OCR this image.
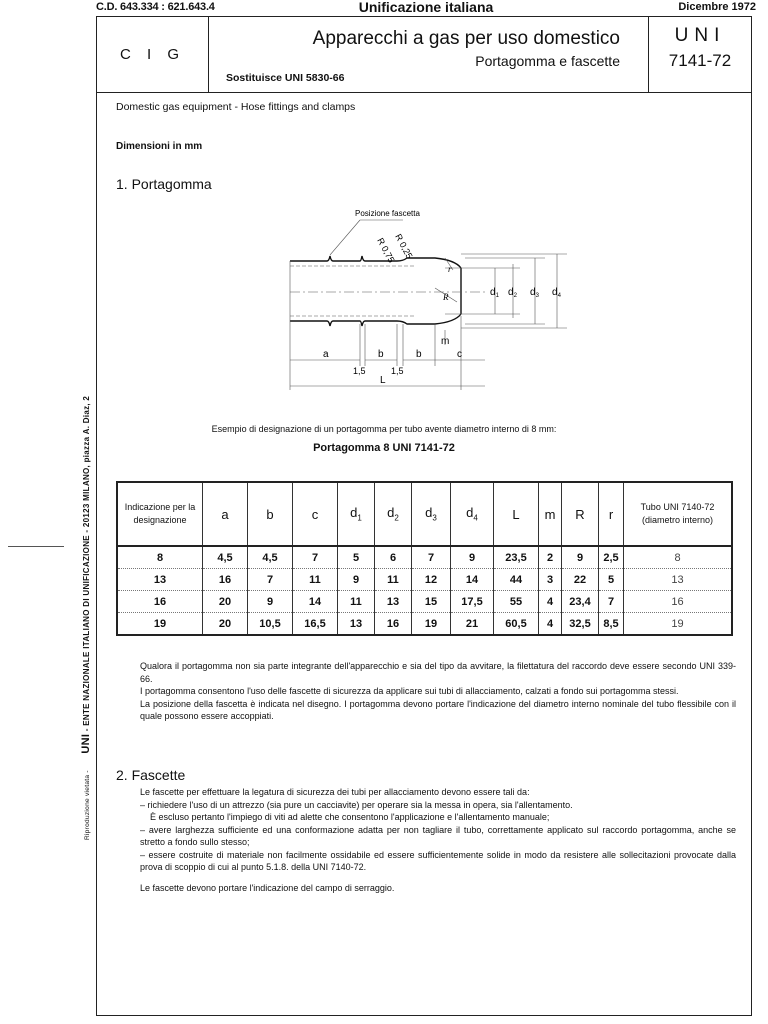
C.D. 643.334 : 621.643.4	Unificazione italiana	Dicembre 1972
Riproduzione vietata - UNI - ENTE NAZIONALE ITALIANO DI UNIFICAZIONE - 20123 MILANO, piazza A. Diaz, 2
C I G
Apparecchi a gas per uso domestico
Portagomma e fascette
Sostituisce UNI 5830-66
UNI
7141-72
Domestic gas equipment - Hose fittings and clamps
Dimensioni in mm
1. Portagomma
Posizione fascetta
R 0,75
R 0,25
r
R
m
$d_1$ $d_2$ $d_3$ $d_4$
a	b	b	c
1,5	1,5
L
Esempio di designazione di un portagomma per tubo avente diametro interno di 8 mm:
Portagomma 8 UNI 7141-72
Indicazione per la designazione	a	b	c	$d_1$	$d_2$	$d_3$	$d_4$	L	m	R	r	Tubo UNI 7140-72 (diametro interno)
8	4,5	4,5	7	5	6	7	9	23,5	2	9	2,5	8
13	16	7	11	9	11	12	14	44	3	22	5	13
16	20	9	14	11	13	15	17,5	55	4	23,4	7	16
19	20	10,5	16,5	13	16	19	21	60,5	4	32,5	8,5	19

Qualora il portagomma non sia parte integrante dell'apparecchio e sia del tipo da avvitare, la filettatura del raccordo deve essere secondo UNI 339-66.

I portagomma consentono l'uso delle fascette di sicurezza da applicare sui tubi di allacciamento, calzati a fondo sui portagomma stessi.

La posizione della fascetta è indicata nel disegno. I portagomma devono portare l'indicazione del diametro interno nominale del tubo flessibile con il quale possono essere accoppiati.

2. Fascette

Le fascette per effettuare la legatura di sicurezza dei tubi per allacciamento devono essere tali da:

– richiedere l'uso di un attrezzo (sia pure un cacciavite) per operare sia la messa in opera, sia l'allentamento.

È escluso pertanto l'impiego di viti ad alette che consentono l'applicazione e l'allentamento manuale;

– avere larghezza sufficiente ed una conformazione adatta per non tagliare il tubo, correttamente applicato sul raccordo portagomma, anche se stretto a fondo sullo stesso;

– essere costruite di materiale non facilmente ossidabile ed essere sufficientemente solide in modo da resistere alle sollecitazioni provocate dalla prova di scoppio di cui al punto 5.1.8. della UNI 7140-72.

Le fascette devono portare l'indicazione del campo di serraggio.
